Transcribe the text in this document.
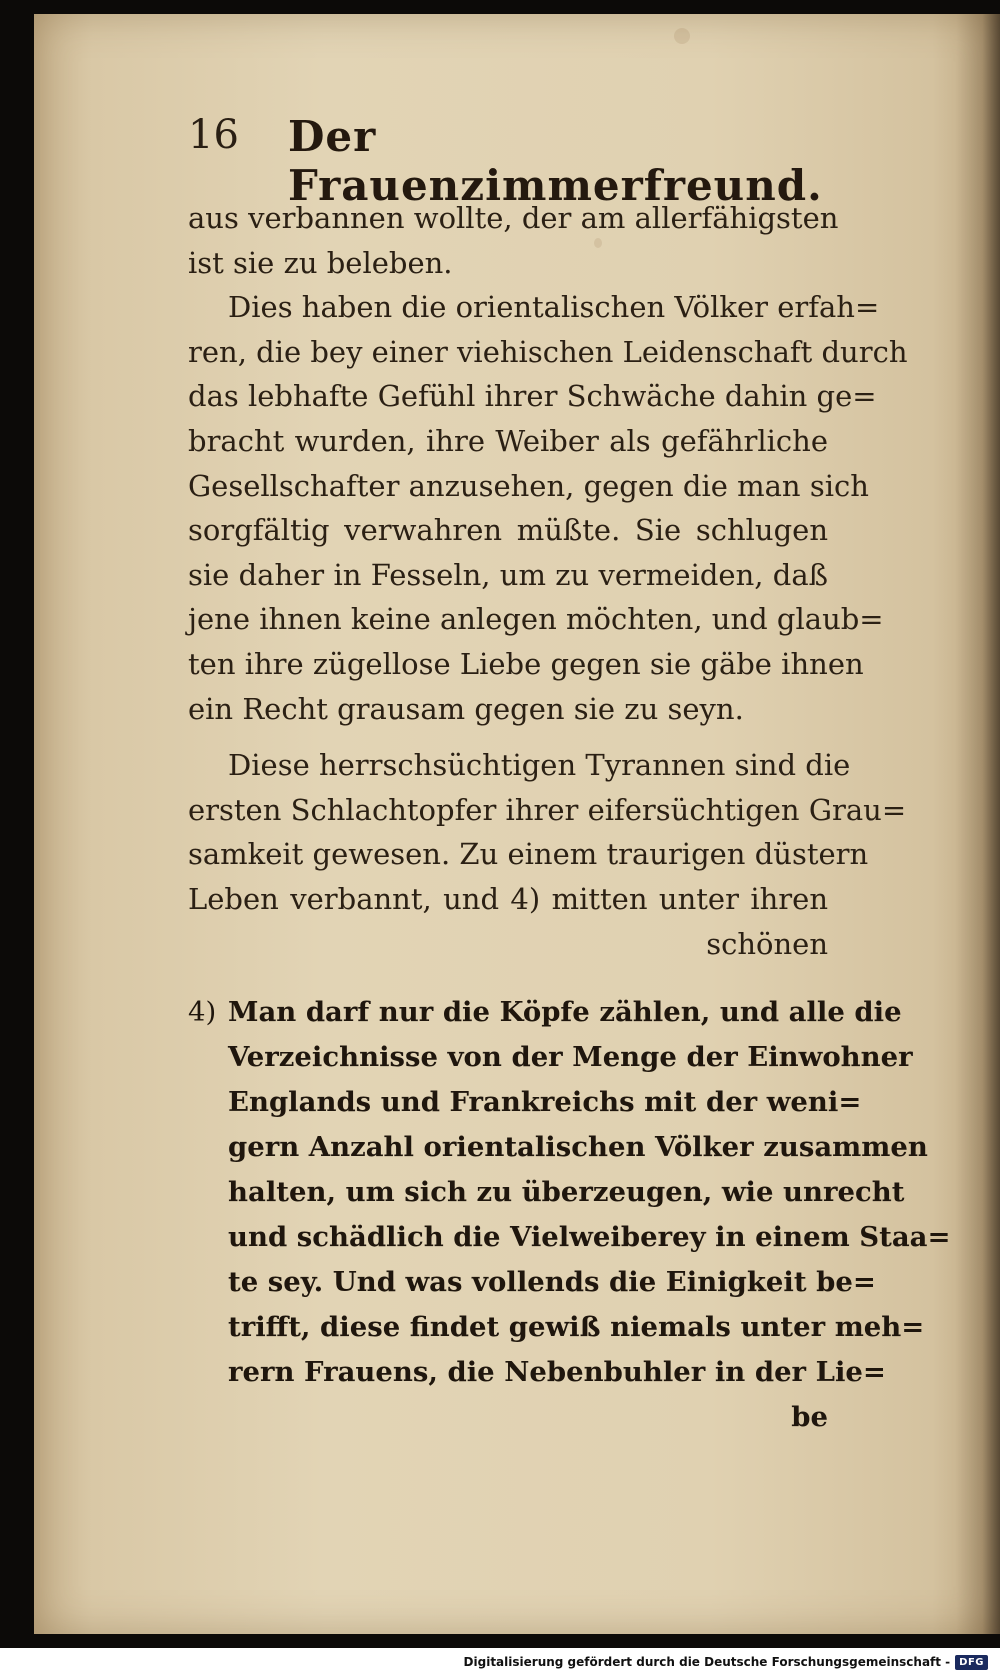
16 Der Frauenzimmerfreund.
aus verbannen wollte, der am allerfähigsten
ist sie zu beleben.
Dies haben die orientalischen Völker erfah=
ren, die bey einer viehischen Leidenschaft durch
das lebhafte Gefühl ihrer Schwäche dahin ge=
bracht wurden, ihre Weiber als gefährliche
Gesellschafter anzusehen, gegen die man sich
sorgfältig verwahren müßte. Sie schlugen
sie daher in Fesseln, um zu vermeiden, daß
jene ihnen keine anlegen möchten, und glaub=
ten ihre zügellose Liebe gegen sie gäbe ihnen
ein Recht grausam gegen sie zu seyn.
Diese herrschsüchtigen Tyrannen sind die
ersten Schlachtopfer ihrer eifersüchtigen Grau=
samkeit gewesen. Zu einem traurigen düstern
Leben verbannt, und 4) mitten unter ihren
schönen
4) Man darf nur die Köpfe zählen, und alle die
Verzeichnisse von der Menge der Einwohner
Englands und Frankreichs mit der weni=
gern Anzahl orientalischen Völker zusammen
halten, um sich zu überzeugen, wie unrecht
und schädlich die Vielweiberey in einem Staa=
te sey. Und was vollends die Einigkeit be=
trifft, diese findet gewiß niemals unter meh=
rern Frauens, die Nebenbuhler in der Lie=
be
Digitalisierung gefördert durch die Deutsche Forschungsgemeinschaft - DFG
